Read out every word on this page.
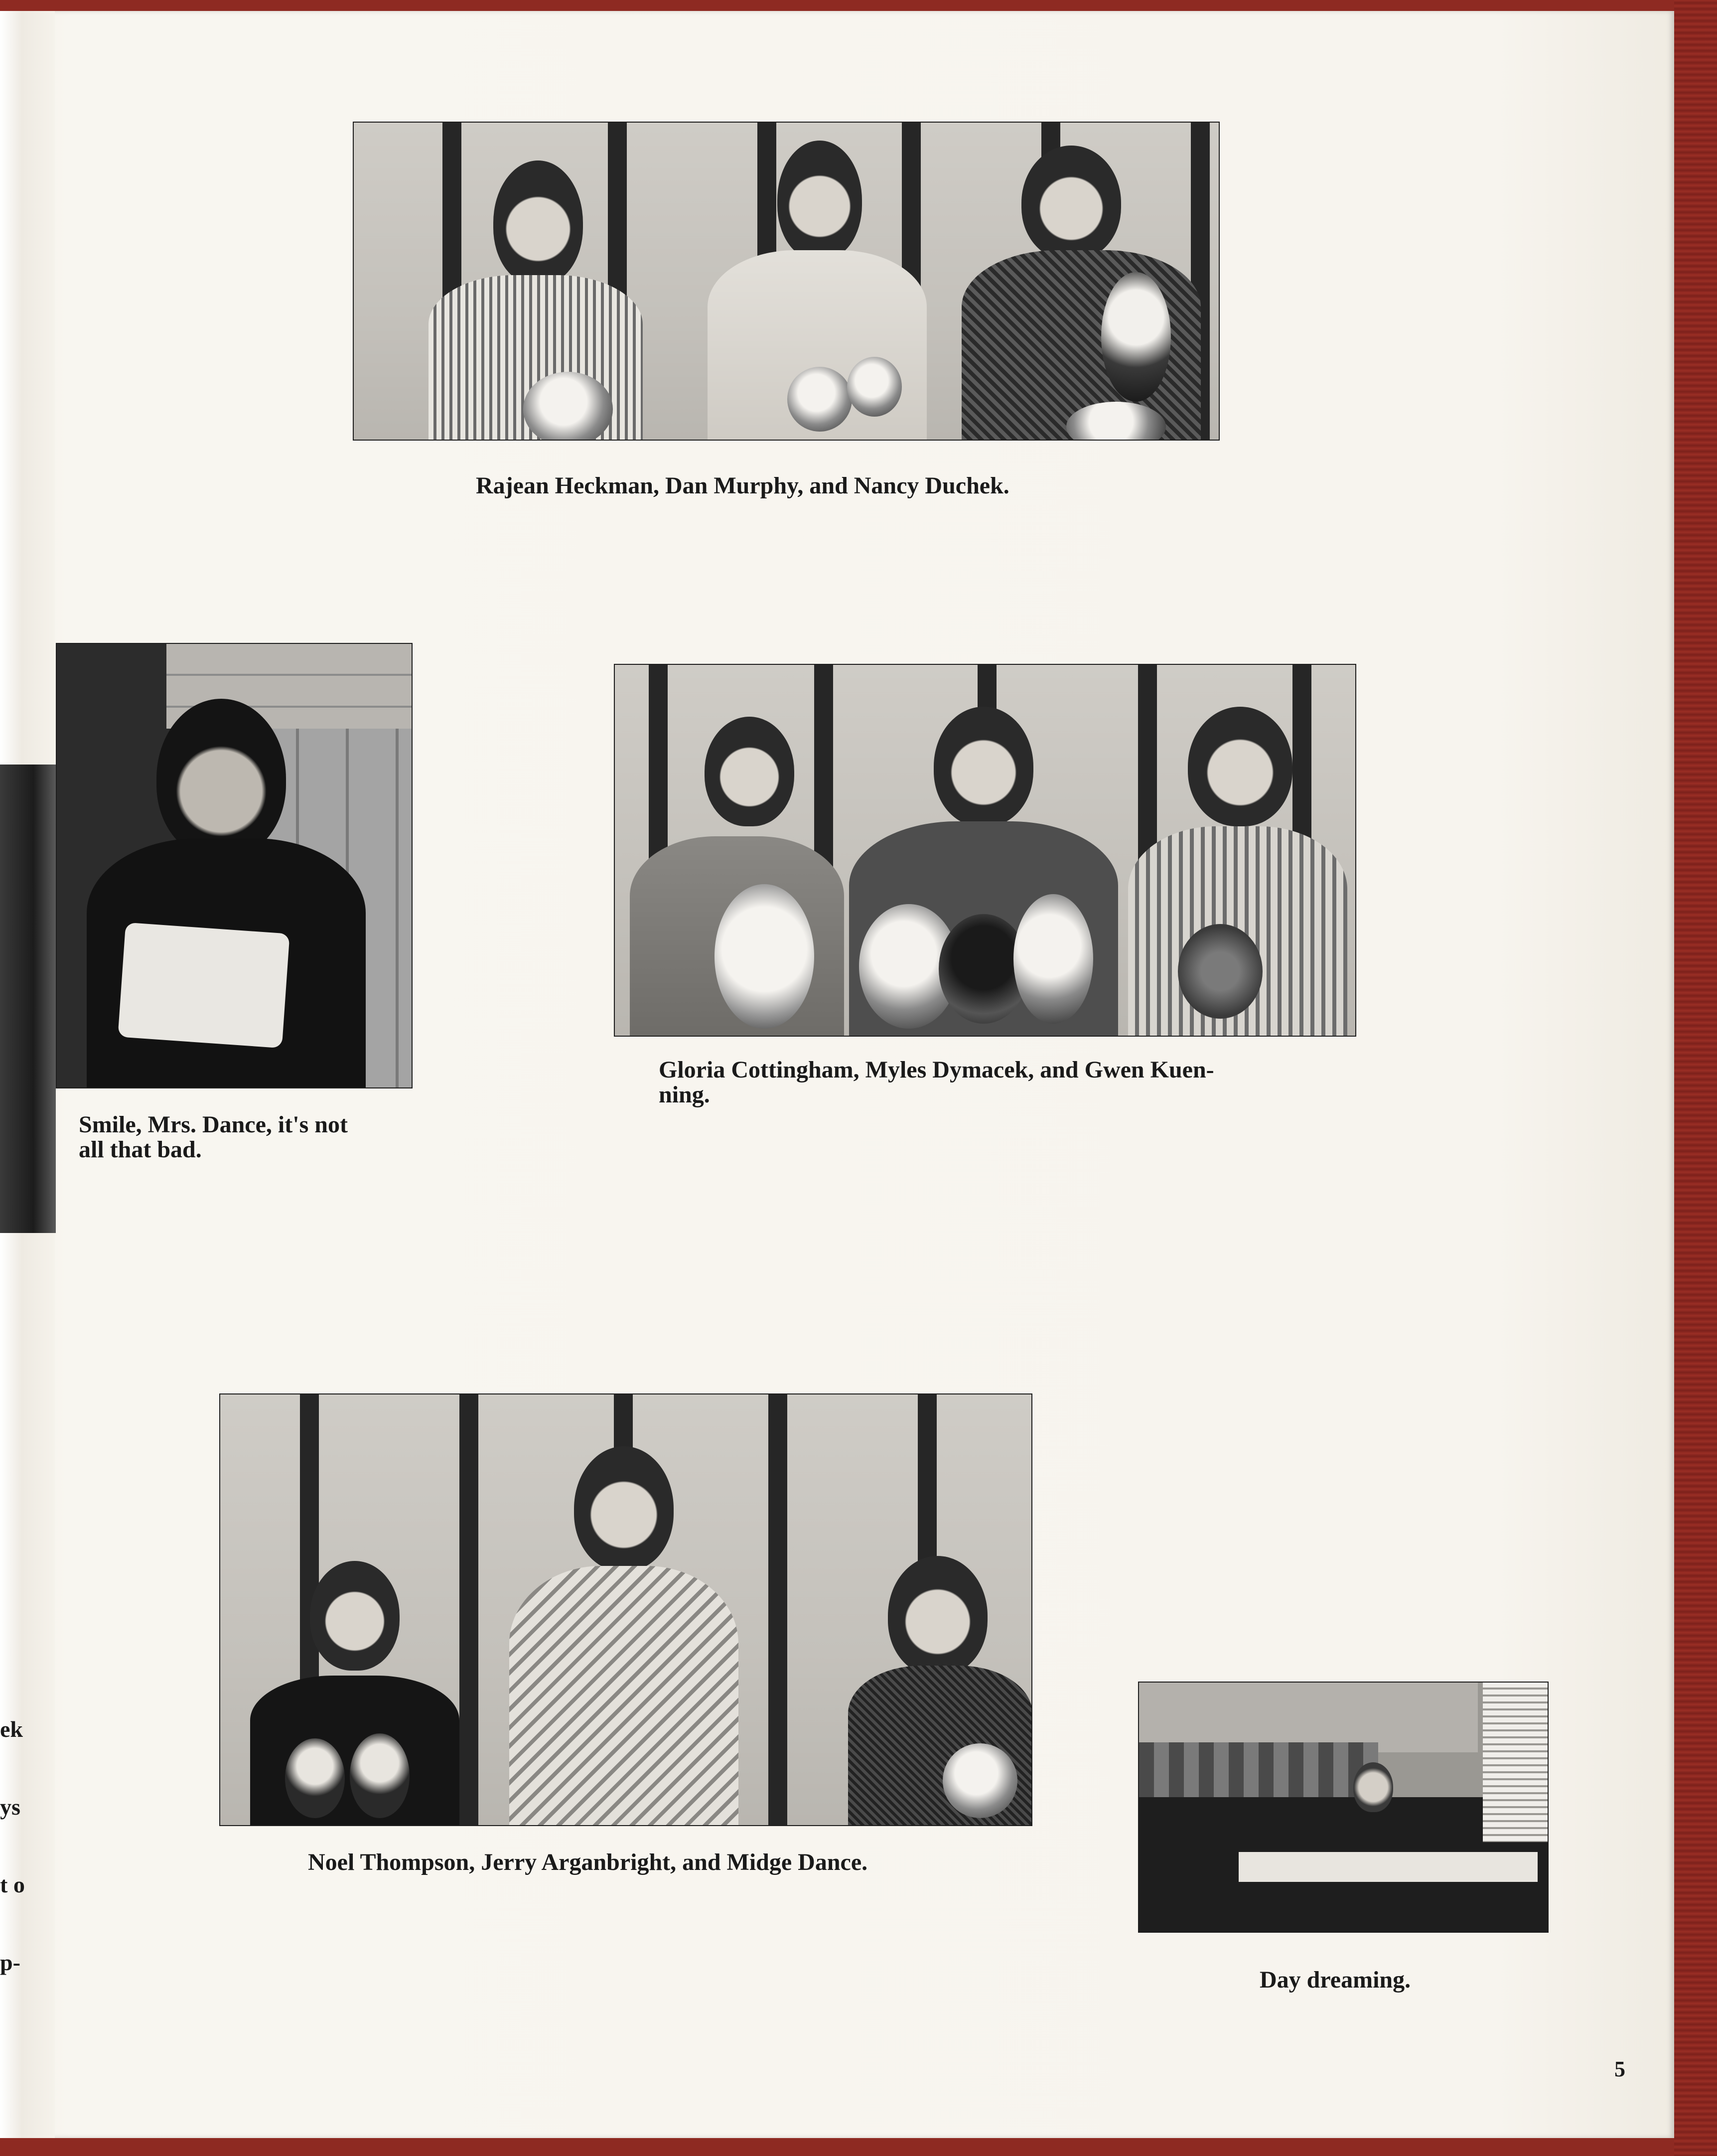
ek

ys

t o

p-

Rajean Heckman, Dan Murphy, and Nancy Duchek.

Smile, Mrs. Dance, it's not
all that bad.

Gloria Cottingham, Myles Dymacek, and Gwen Kuen-
ning.

Noel Thompson, Jerry Arganbright, and Midge Dance.

Day dreaming.

5
